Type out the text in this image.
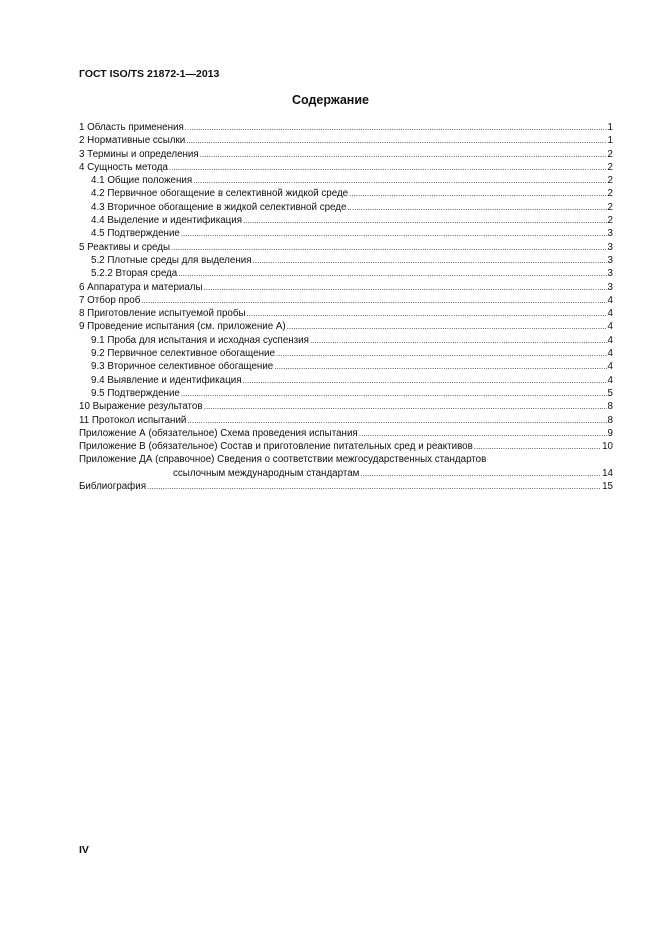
ГОСТ ISO/TS 21872-1—2013
Содержание
1 Область применения .....	1
2 Нормативные ссылки .....	1
3 Термины и определения .....	2
4 Сущность метода .....	2
4.1 Общие положения .....	2
4.2 Первичное обогащение в селективной жидкой среде .....	2
4.3 Вторичное обогащение в жидкой селективной среде .....	2
4.4 Выделение и идентификация .....	2
4.5 Подтверждение .....	3
5 Реактивы и среды .....	3
5.2 Плотные среды для выделения .....	3
5.2.2 Вторая среда .....	3
6 Аппаратура и материалы .....	3
7 Отбор проб .....	4
8 Приготовление испытуемой пробы .....	4
9 Проведение испытания (см. приложение А) .....	4
9.1 Проба для испытания и исходная суспензия .....	4
9.2 Первичное селективное обогащение .....	4
9.3 Вторичное селективное обогащение .....	4
9.4 Выявление и идентификация .....	4
9.5 Подтверждение .....	5
10 Выражение результатов .....	8
11 Протокол испытаний .....	8
Приложение А (обязательное) Схема проведения испытания .....	9
Приложение В (обязательное) Состав и приготовление питательных сред и реактивов .....	10
Приложение ДА (справочное) Сведения о соответствии межгосударственных стандартов
ссылочным международным стандартам .....	14
Библиография .....	15
IV
